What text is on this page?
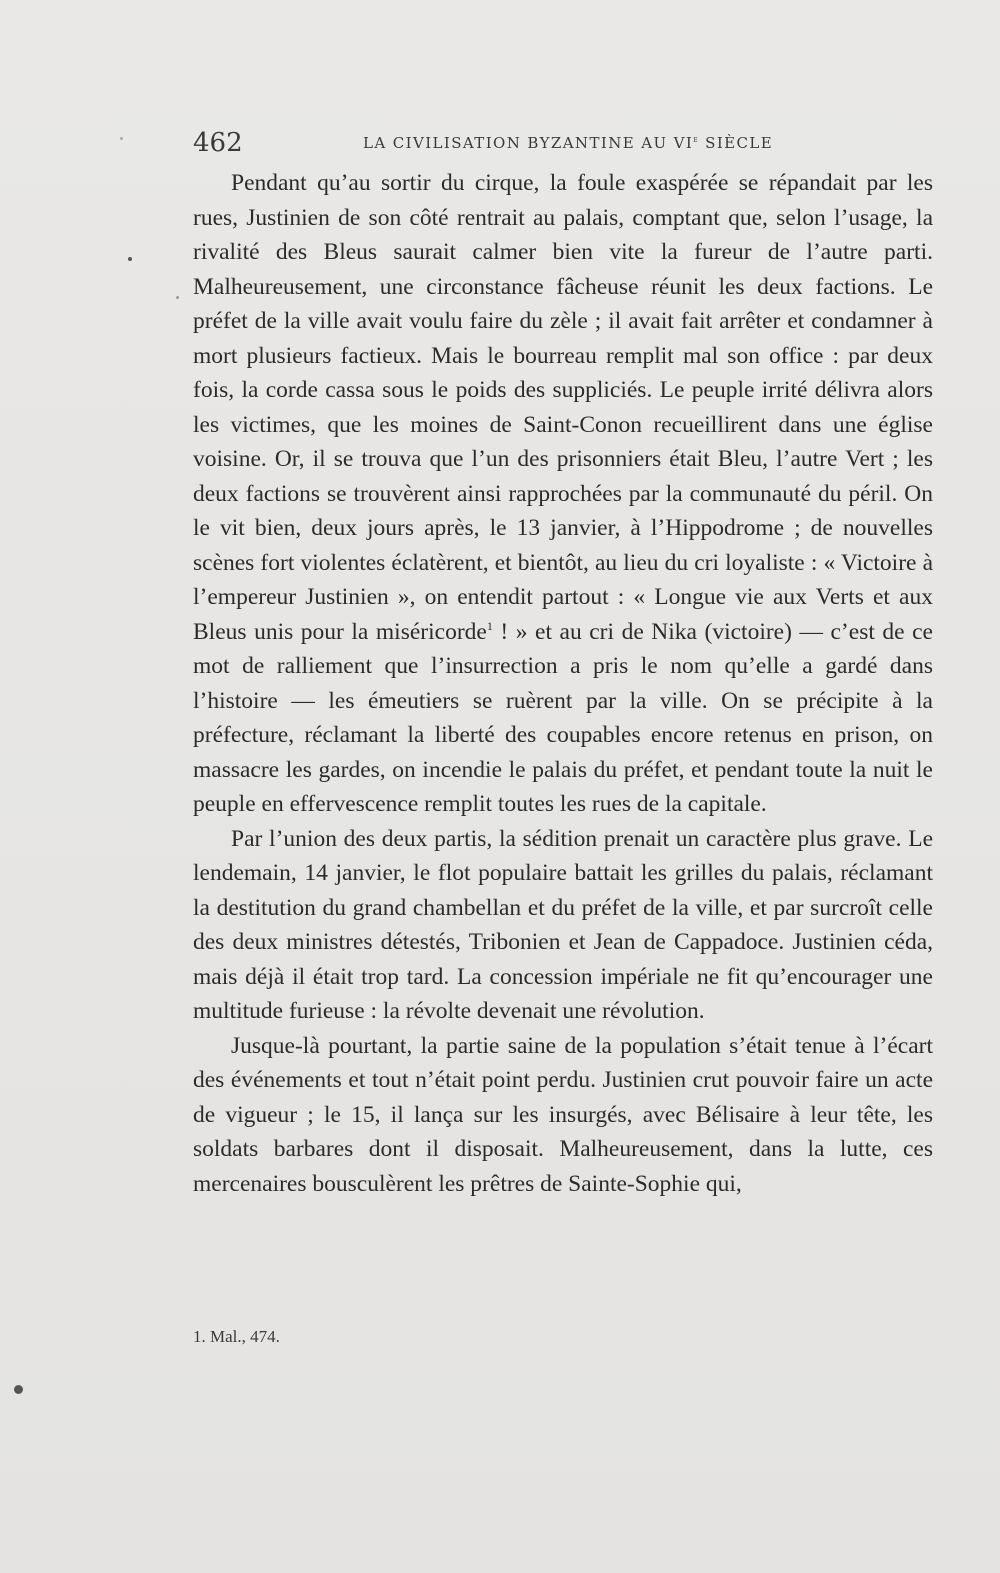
462	LA CIVILISATION BYZANTINE AU VIe SIÈCLE

Pendant qu’au sortir du cirque, la foule exaspérée se répandait par les rues, Justinien de son côté rentrait au palais, comptant que, selon l’usage, la rivalité des Bleus saurait calmer bien vite la fureur de l’autre parti. Malheureusement, une circonstance fâcheuse réunit les deux factions. Le préfet de la ville avait voulu faire du zèle ; il avait fait arrêter et condamner à mort plusieurs factieux. Mais le bourreau remplit mal son office : par deux fois, la corde cassa sous le poids des suppliciés. Le peuple irrité délivra alors les victimes, que les moines de Saint-Conon recueillirent dans une église voisine. Or, il se trouva que l’un des prisonniers était Bleu, l’autre Vert ; les deux factions se trouvèrent ainsi rapprochées par la communauté du péril. On le vit bien, deux jours après, le 13 janvier, à l’Hippodrome ; de nouvelles scènes fort violentes éclatèrent, et bientôt, au lieu du cri loyaliste : « Victoire à l’empereur Justinien », on entendit partout : « Longue vie aux Verts et aux Bleus unis pour la miséricorde$^1$ ! » et au cri de Nika (victoire) — c’est de ce mot de ralliement que l’insurrection a pris le nom qu’elle a gardé dans l’histoire — les émeutiers se ruèrent par la ville. On se précipite à la préfecture, réclamant la liberté des coupables encore retenus en prison, on massacre les gardes, on incendie le palais du préfet, et pendant toute la nuit le peuple en effervescence remplit toutes les rues de la capitale.

Par l’union des deux partis, la sédition prenait un caractère plus grave. Le lendemain, 14 janvier, le flot populaire battait les grilles du palais, réclamant la destitution du grand chambellan et du préfet de la ville, et par surcroît celle des deux ministres détestés, Tribonien et Jean de Cappadoce. Justinien céda, mais déjà il était trop tard. La concession impériale ne fit qu’encourager une multitude furieuse : la révolte devenait une révolution.

Jusque-là pourtant, la partie saine de la population s’était tenue à l’écart des événements et tout n’était point perdu. Justinien crut pouvoir faire un acte de vigueur ; le 15, il lança sur les insurgés, avec Bélisaire à leur tête, les soldats barbares dont il disposait. Malheureusement, dans la lutte, ces mercenaires bousculèrent les prêtres de Sainte-Sophie qui,

1. Mal., 474.
